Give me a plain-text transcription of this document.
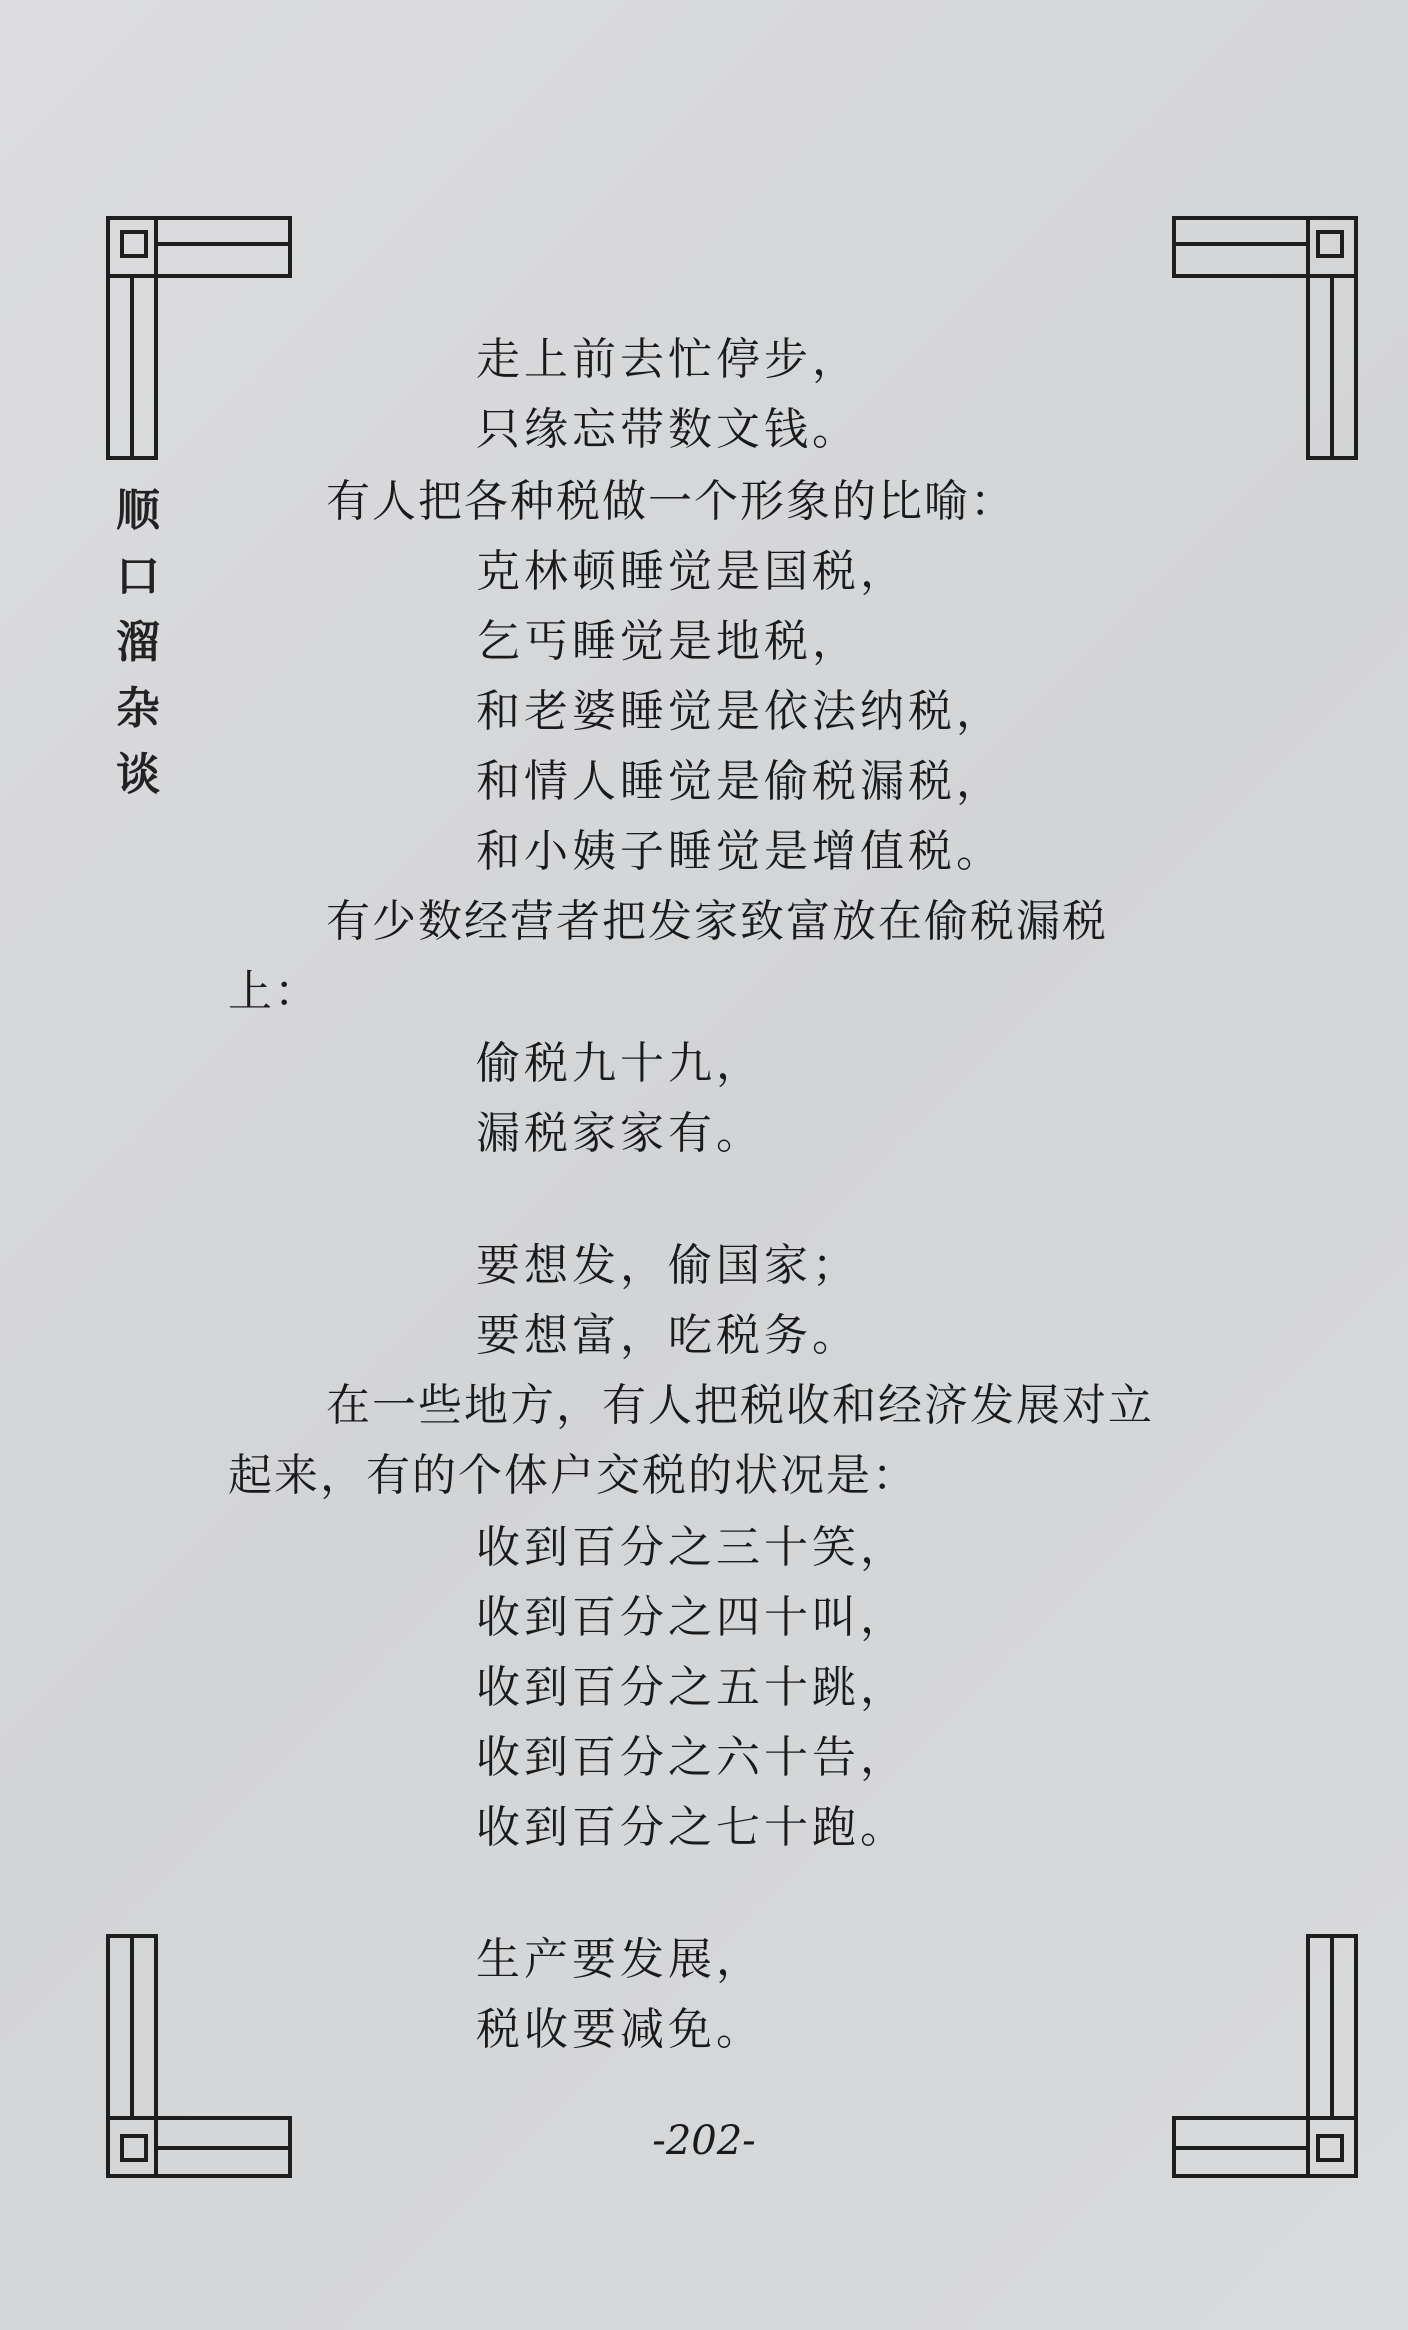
顺
口
溜
杂
谈
走上前去忙停步，
只缘忘带数文钱。
有人把各种税做一个形象的比喻：
克林顿睡觉是国税，
乞丐睡觉是地税，
和老婆睡觉是依法纳税，
和情人睡觉是偷税漏税，
和小姨子睡觉是增值税。
有少数经营者把发家致富放在偷税漏税
上：
偷税九十九，
漏税家家有。
要想发，偷国家；
要想富，吃税务。
在一些地方，有人把税收和经济发展对立
起来，有的个体户交税的状况是：
收到百分之三十笑，
收到百分之四十叫，
收到百分之五十跳，
收到百分之六十告，
收到百分之七十跑。
生产要发展，
税收要减免。
-202-
